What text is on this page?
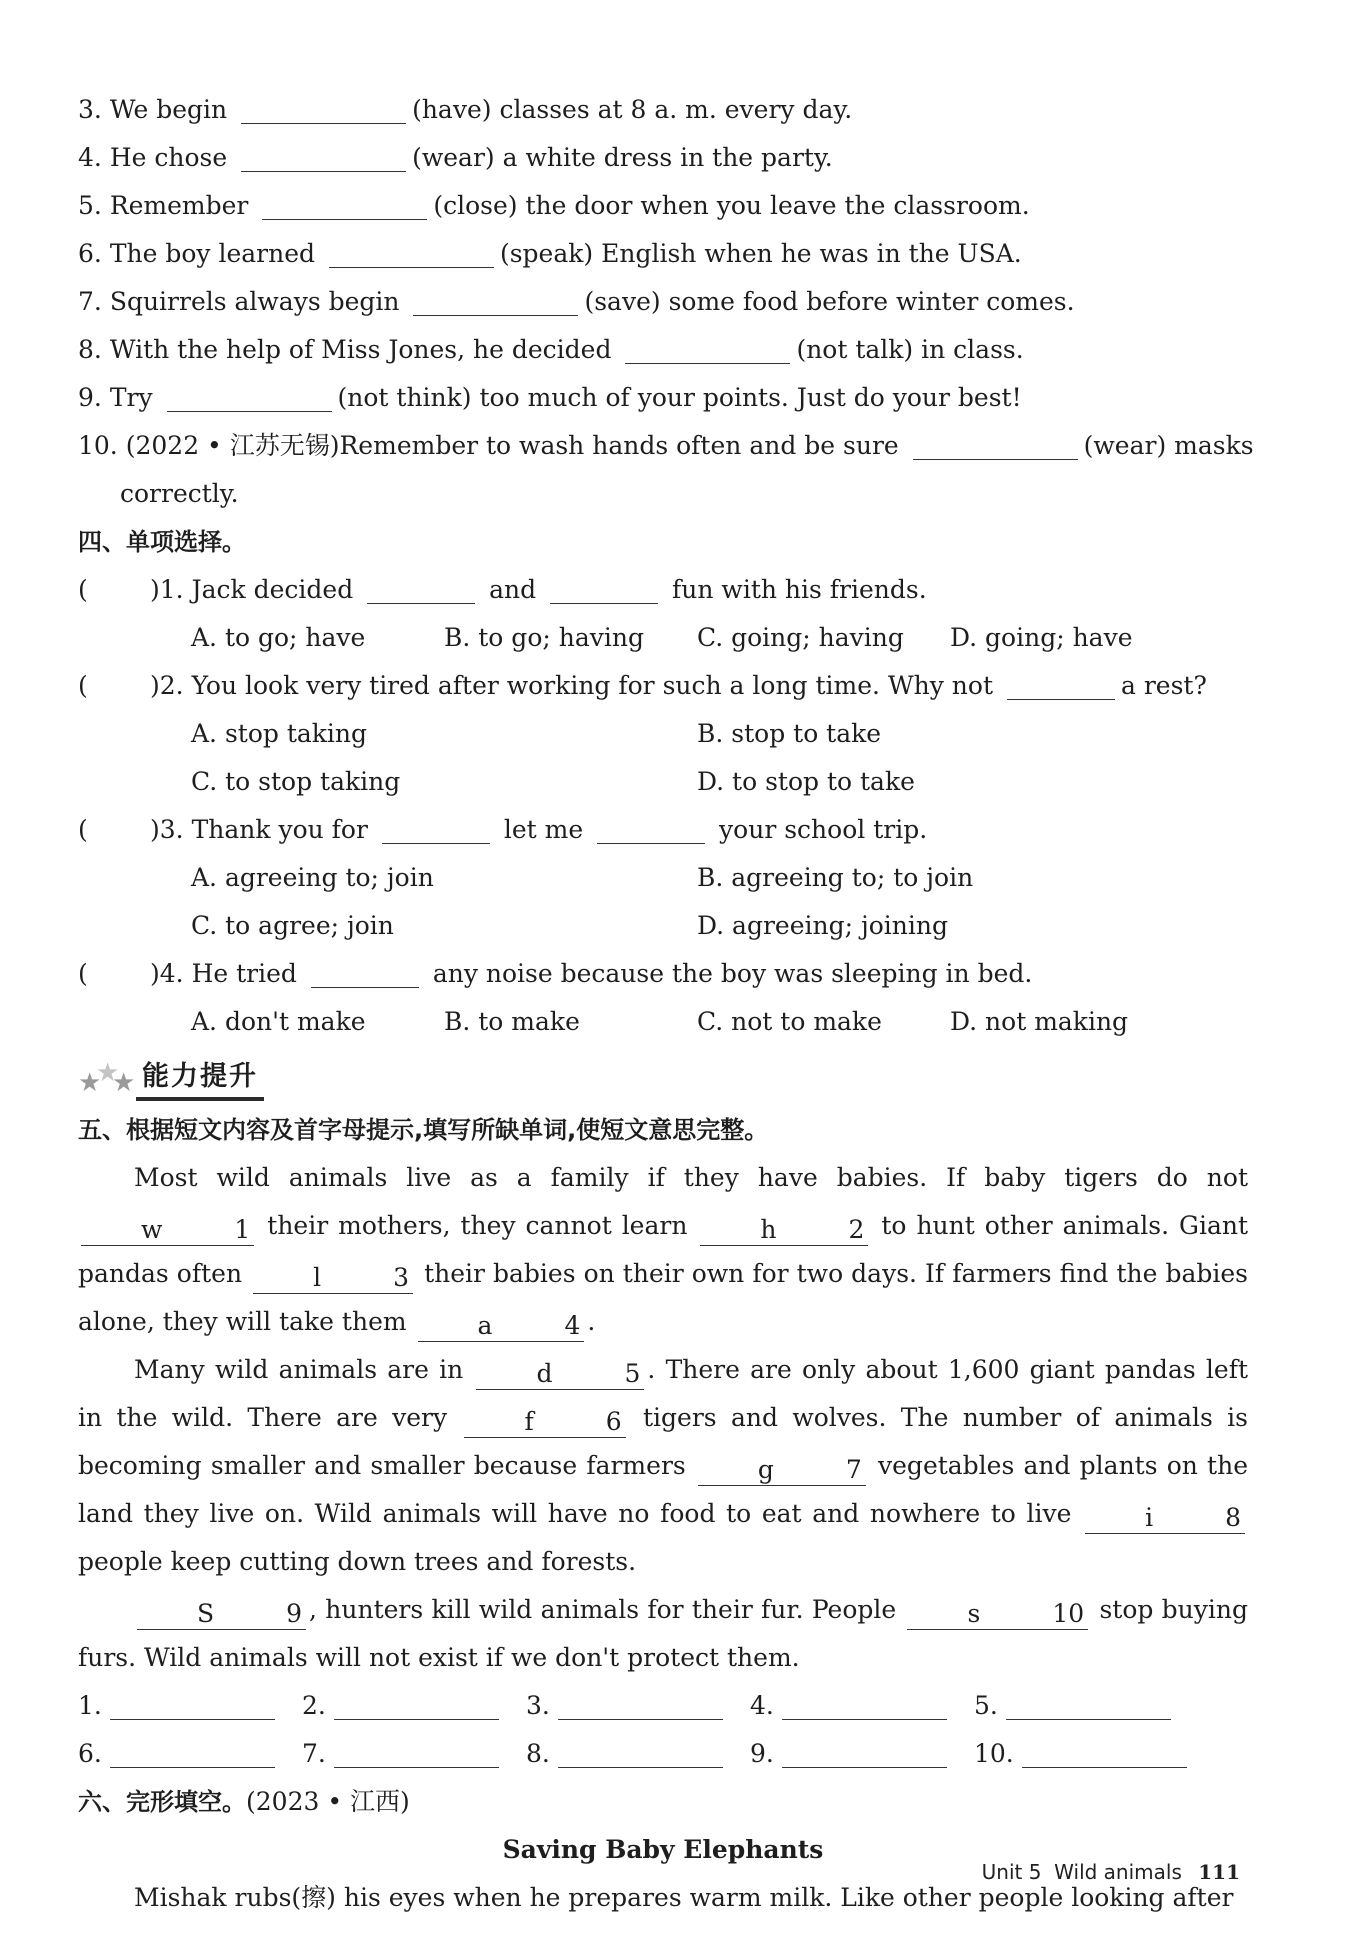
3. We begin	(have) classes at 8 a. m. every day.
4. He chose	(wear) a white dress in the party.
5. Remember	(close) the door when you leave the classroom.
6. The boy learned	(speak) English when he was in the USA.
7. Squirrels always begin	(save) some food before winter comes.
8. With the help of Miss Jones, he decided	(not talk) in class.
9. Try	(not think) too much of your points. Just do your best!
10. (2022 • 江苏无锡)Remember to wash hands often and be sure	(wear) masks
correctly.
四、单项选择。
( )1. Jack decided	and	fun with his friends.
A. to go; have	B. to go; having C. going; having D. going; have
( )2. You look very tired after working for such a long time. Why not	a rest?
A. stop taking	B. stop to take
C. to stop taking	D. to stop to take
( )3. Thank you for	let me	your school trip.
A. agreeing to; join	B. agreeing to; to join
C. to agree; join	D. agreeing; joining
( )4. He tried	any noise because the boy was sleeping in bed.
A. don't make	B. to make	C. not to make	D. not making
★
★
★ 能力提升
五、根据短文内容及首字母提示,填写所缺单词,使短文意思完整。

Most wild animals live as a family if they have babies. If baby tigers do not w	1 their mothers, they cannot learn	h	2 to hunt other animals. Giant pandas often	l	3 their babies on their own for two days. If farmers find the babies alone, they will take them	a	4 .

Many wild animals are in	d	5 . There are only about 1,600 giant pandas left in the wild. There are very	f	6 tigers and wolves. The number of animals is becoming smaller and smaller because farmers	g	7 vegetables and plants on the land they live on. Wild animals will have no food to eat and nowhere to live	i	8 people keep cutting down trees and forests.

S	9 , hunters kill wild animals for their fur. People	s	10 stop buying furs. Wild animals will not exist if we don't protect them.

1.	2.	3.	4.	5.
6.	7.	8.	9.	10.
六、完形填空。(2023 • 江西)
Saving Baby Elephants

Mishak rubs(擦) his eyes when he prepares warm milk. Like other people looking after

Unit 5 Wild animals 111
